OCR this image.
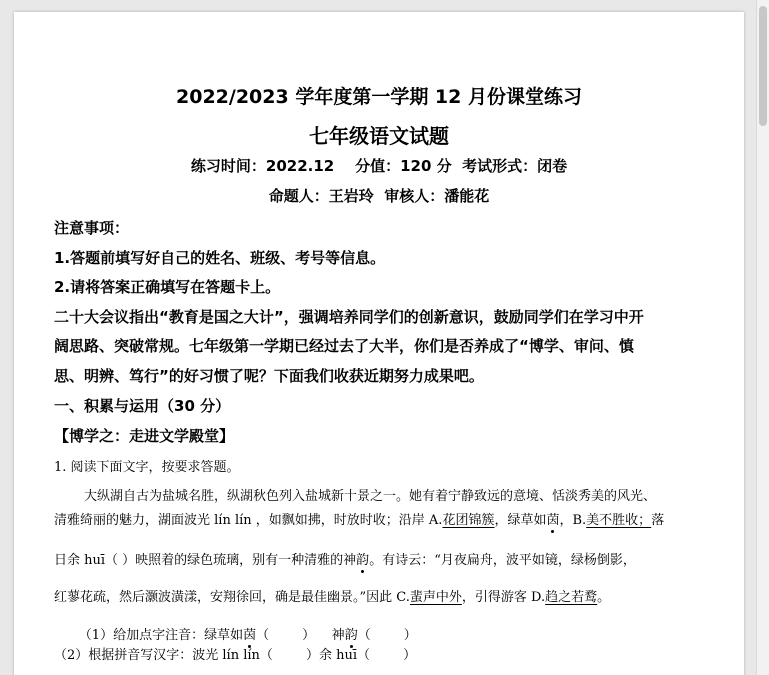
2022/2023 学年度第一学期 12 月份课堂练习
七年级语文试题
练习时间：2022.12    分值：120 分  考试形式：闭卷
命题人：王岩玲  审核人：潘能花
注意事项：
1.答题前填写好自己的姓名、班级、考号等信息。
2.请将答案正确填写在答题卡上。
二十大会议指出“教育是国之大计”，强调培养同学们的创新意识，鼓励同学们在学习中开
阔思路、突破常规。七年级第一学期已经过去了大半，你们是否养成了“博学、审问、慎
思、明辨、笃行”的好习惯了呢？下面我们收获近期努力成果吧。
一、积累与运用（30 分）
【博学之：走进文学殿堂】
1. 阅读下面文字，按要求答题。
大纵湖自古为盐城名胜，纵湖秋色列入盐城新十景之一。她有着宁静致远的意境、恬淡秀美的风光、
清雅绮丽的魅力，湖面波光 lín lín ，如飘如拂，时放时收；沿岸 A.花团锦簇，绿草如茵，B.美不胜收；落
日余 huī（ ）映照着的绿色琉璃，别有一种清雅的神韵。有诗云：“月夜扁舟，波平如镜，绿杨倒影，
红蓼花疏，然后灏波潢漾，安翔徐回，确是最佳幽景。”因此 C.蜚声中外，引得游客 D.趋之若鹜。

（1）给加点字注音：绿草如茵（        ）    神韵（        ）

（2）根据拼音写汉字：波光 lín lín（        ）余 huī（        ）
